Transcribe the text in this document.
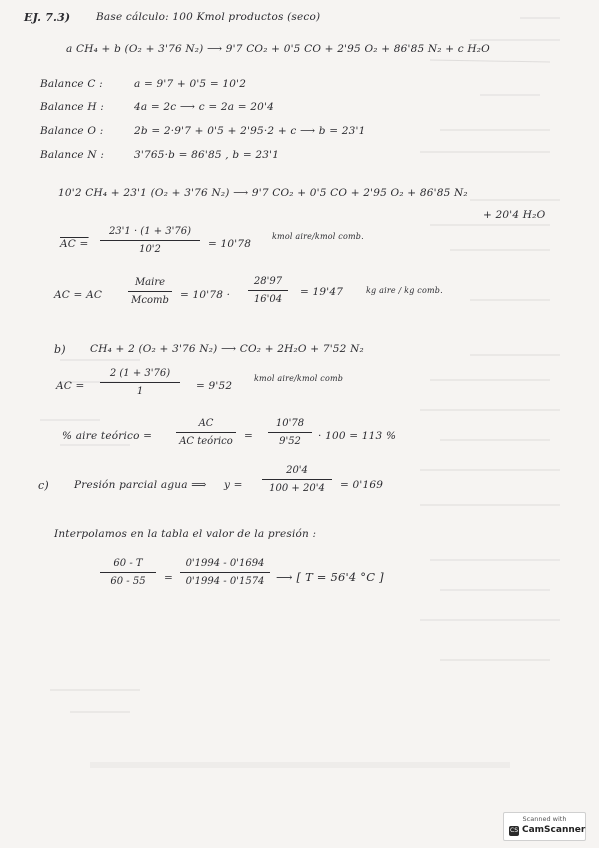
EJ. 7.3) Base cálculo: 100 Kmol productos (seco)
a CH₄ + b (O₂ + 3'76 N₂) ⟶ 9'7 CO₂ + 0'5 CO + 2'95 O₂ + 86'85 N₂ + c H₂O
Balance C :	a = 9'7 + 0'5 = 10'2
Balance H :	4a = 2c ⟶ c = 2a = 20'4
Balance O :	2b = 2·9'7 + 0'5 + 2'95·2 + c ⟶ b = 23'1
Balance N :	3'765·b = 86'85 , b = 23'1
10'2 CH₄ + 23'1 (O₂ + 3'76 N₂) ⟶ 9'7 CO₂ + 0'5 CO + 2'95 O₂ + 86'85 N₂
+ 20'4 H₂O
AC =
23'1 · (1 + 3'76)
10'2	= 10'78
kmol aire/kmol comb.
AC = AC
Maire
Mcomb = 10'78 ·
28'97
16'04
= 19'47	kg aire / kg comb.
b) CH₄ + 2 (O₂ + 3'76 N₂) ⟶ CO₂ + 2H₂O + 7'52 N₂
AC =
2 (1 + 3'76)
1	= 9'52
kmol aire/kmol comb
% aire teórico =
AC
AC teórico	=
10'78
9'52	· 100 = 113 %
c) Presión parcial agua ⟹ y =
20'4
100 + 20'4	= 0'169
Interpolamos en la tabla el valor de la presión :
60 - T
60 - 55	=
0'1994 - 0'1694
0'1994 - 0'1574	⟶ [ T = 56'4 °C ]
Scanned with
CS CamScanner
